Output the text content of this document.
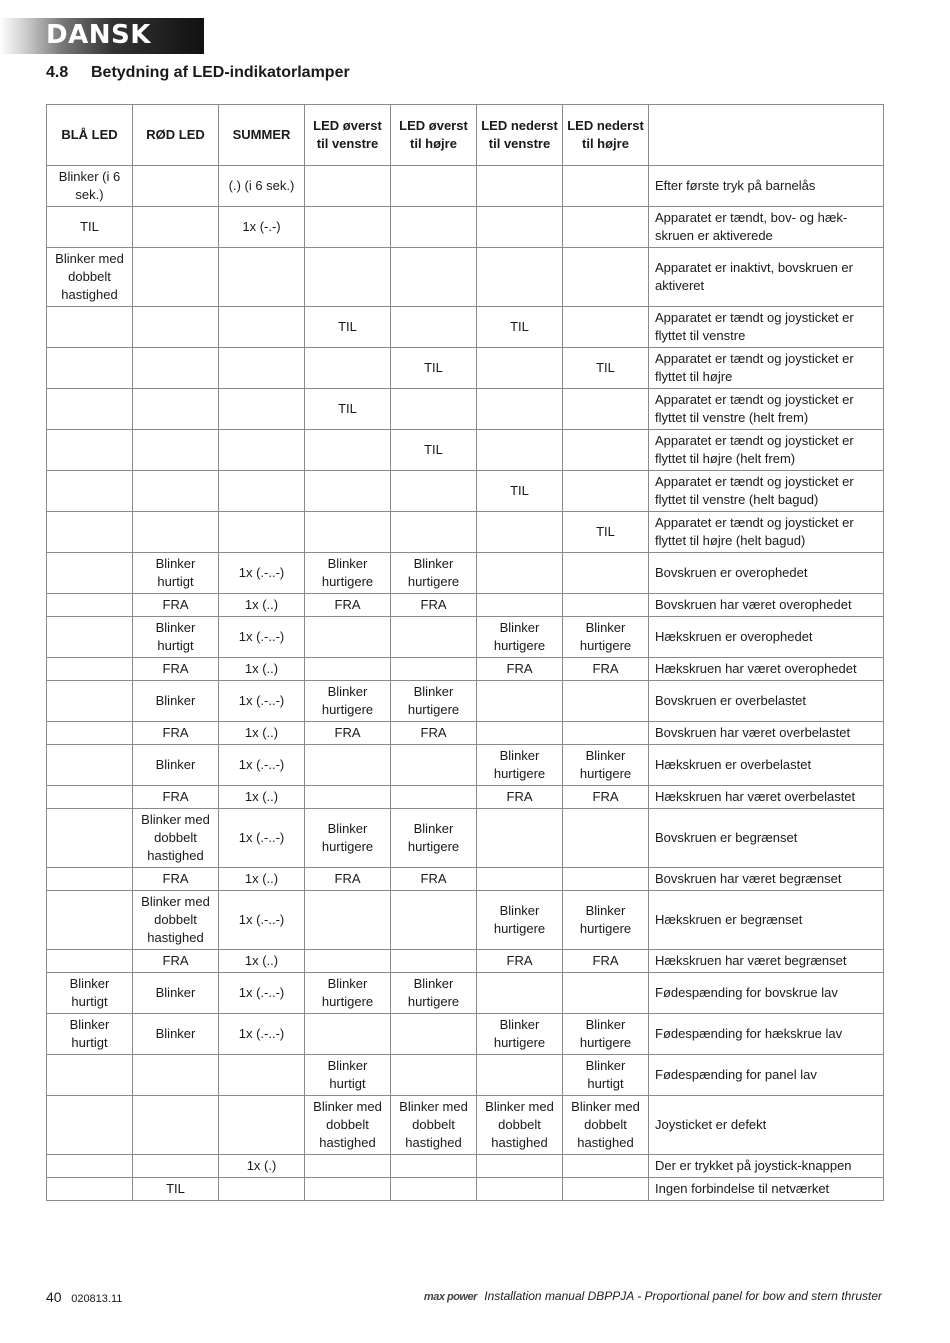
DANSK
4.8 Betydning af LED-indikatorlamper
BLÅ LED	RØD LED	SUMMER	LED øverst til venstre	LED øverst til højre	LED nederst til venstre	LED nederst til højre	
Blinker (i 6 sek.)		(.) (i 6 sek.)					Efter første tryk på barnelås
TIL		1x (-.-)					Apparatet er tændt, bov- og hæk-skruen er aktiverede
Blinker med dobbelt hastighed							Apparatet er inaktivt, bovskruen er aktiveret
			TIL		TIL		Apparatet er tændt og joysticket er flyttet til venstre
				TIL		TIL	Apparatet er tændt og joysticket er flyttet til højre
			TIL				Apparatet er tændt og joysticket er flyttet til venstre (helt frem)
				TIL			Apparatet er tændt og joysticket er flyttet til højre (helt frem)
					TIL		Apparatet er tændt og joysticket er flyttet til venstre (helt bagud)
						TIL	Apparatet er tændt og joysticket er flyttet til højre (helt bagud)
	Blinker hurtigt	1x (.-..-)	Blinker hurtigere	Blinker hurtigere			Bovskruen er overophedet
	FRA	1x (..)	FRA	FRA			Bovskruen har været overophedet
	Blinker hurtigt	1x (.-..-)			Blinker hurtigere	Blinker hurtigere	Hækskruen er overophedet
	FRA	1x (..)			FRA	FRA	Hækskruen har været overophedet
	Blinker	1x (.-..-)	Blinker hurtigere	Blinker hurtigere			Bovskruen er overbelastet
	FRA	1x (..)	FRA	FRA			Bovskruen har været overbelastet
	Blinker	1x (.-..-)			Blinker hurtigere	Blinker hurtigere	Hækskruen er overbelastet
	FRA	1x (..)			FRA	FRA	Hækskruen har været overbelastet
	Blinker med dobbelt hastighed	1x (.-..-)	Blinker hurtigere	Blinker hurtigere			Bovskruen er begrænset
	FRA	1x (..)	FRA	FRA			Bovskruen har været begrænset
	Blinker med dobbelt hastighed	1x (.-..-)			Blinker hurtigere	Blinker hurtigere	Hækskruen er begrænset
	FRA	1x (..)			FRA	FRA	Hækskruen har været begrænset
Blinker hurtigt	Blinker	1x (.-..-)	Blinker hurtigere	Blinker hurtigere			Fødespænding for bovskrue lav
Blinker hurtigt	Blinker	1x (.-..-)			Blinker hurtigere	Blinker hurtigere	Fødespænding for hækskrue lav
			Blinker hurtigt			Blinker hurtigt	Fødespænding for panel lav
			Blinker med dobbelt hastighed	Blinker med dobbelt hastighed	Blinker med dobbelt hastighed	Blinker med dobbelt hastighed	Joysticket er defekt
		1x (.)					Der er trykket på joystick-knappen
	TIL						Ingen forbindelse til netværket
40 020813.11	max power Installation manual DBPPJA - Proportional panel for bow and stern thruster
